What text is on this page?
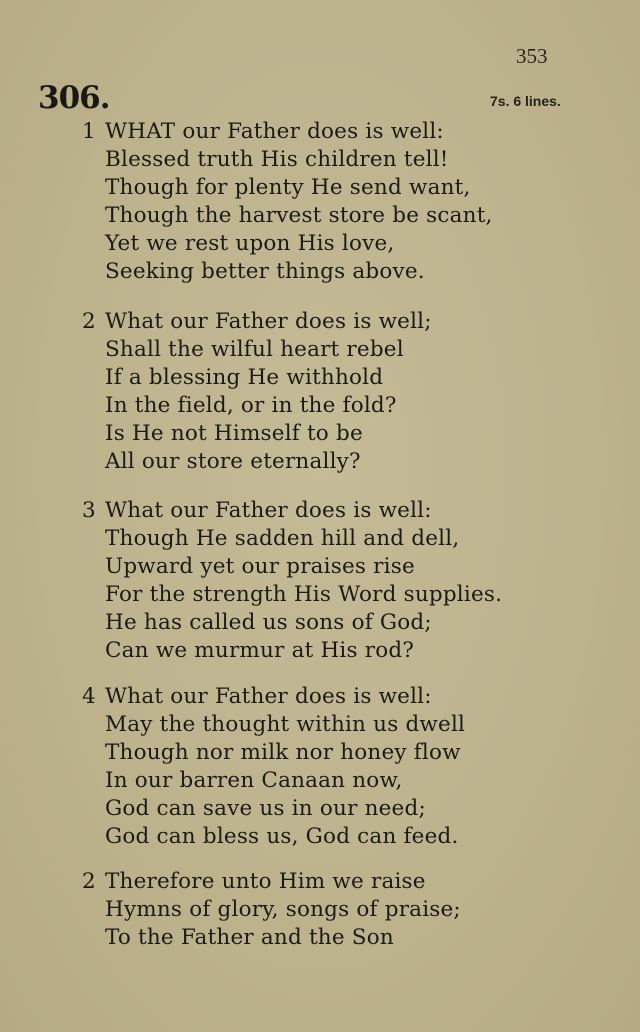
353
306.	7s. 6 lines.
1 WHAT our Father does is well:
Blessed truth His children tell!
Though for plenty He send want,
Though the harvest store be scant,
Yet we rest upon His love,
Seeking better things above.
2 What our Father does is well;
Shall the wilful heart rebel
If a blessing He withhold
In the field, or in the fold?
Is He not Himself to be
All our store eternally?
3 What our Father does is well:
Though He sadden hill and dell,
Upward yet our praises rise
For the strength His Word supplies.
He has called us sons of God;
Can we murmur at His rod?
4 What our Father does is well:
May the thought within us dwell
Though nor milk nor honey flow
In our barren Canaan now,
God can save us in our need;
God can bless us, God can feed.
2 Therefore unto Him we raise
Hymns of glory, songs of praise;
To the Father and the Son
